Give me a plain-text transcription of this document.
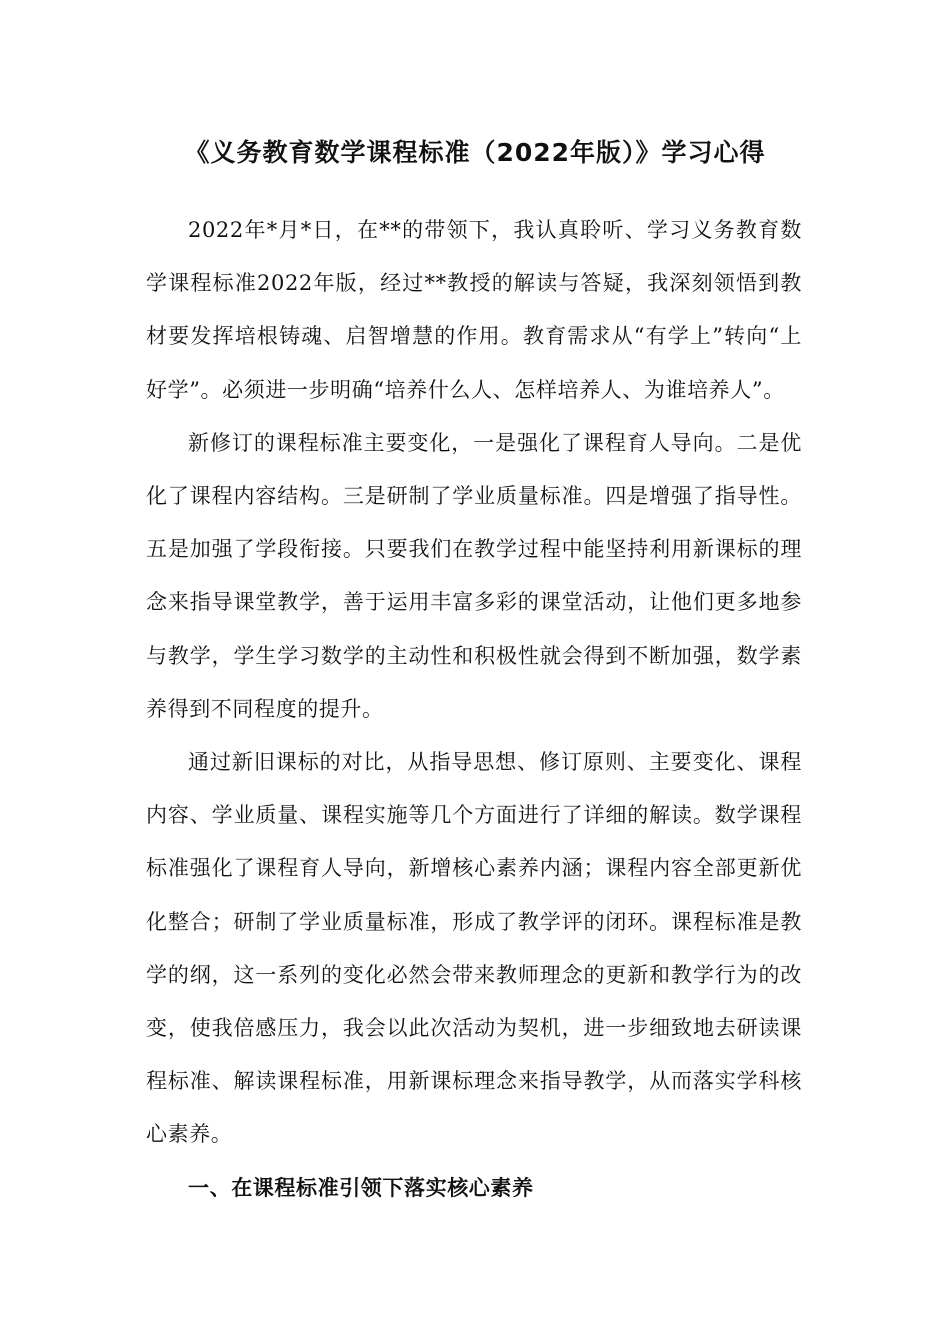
《义务教育数学课程标准（2022年版）》学习心得

2022年*月*日，在**的带领下，我认真聆听、学习义务教育数学课程标准2022年版，经过**教授的解读与答疑，我深刻领悟到教材要发挥培根铸魂、启智增慧的作用。教育需求从“有学上”转向“上好学”。必须进一步明确“培养什么人、怎样培养人、为谁培养人”。

新修订的课程标准主要变化，一是强化了课程育人导向。二是优化了课程内容结构。三是研制了学业质量标准。四是增强了指导性。五是加强了学段衔接。只要我们在教学过程中能坚持利用新课标的理念来指导课堂教学，善于运用丰富多彩的课堂活动，让他们更多地参与教学，学生学习数学的主动性和积极性就会得到不断加强，数学素养得到不同程度的提升。

通过新旧课标的对比，从指导思想、修订原则、主要变化、课程内容、学业质量、课程实施等几个方面进行了详细的解读。数学课程标准强化了课程育人导向，新增核心素养内涵；课程内容全部更新优化整合；研制了学业质量标准，形成了教学评的闭环。课程标准是教学的纲，这一系列的变化必然会带来教师理念的更新和教学行为的改变，使我倍感压力，我会以此次活动为契机，进一步细致地去研读课程标准、解读课程标准，用新课标理念来指导教学，从而落实学科核心素养。

一、在课程标准引领下落实核心素养
